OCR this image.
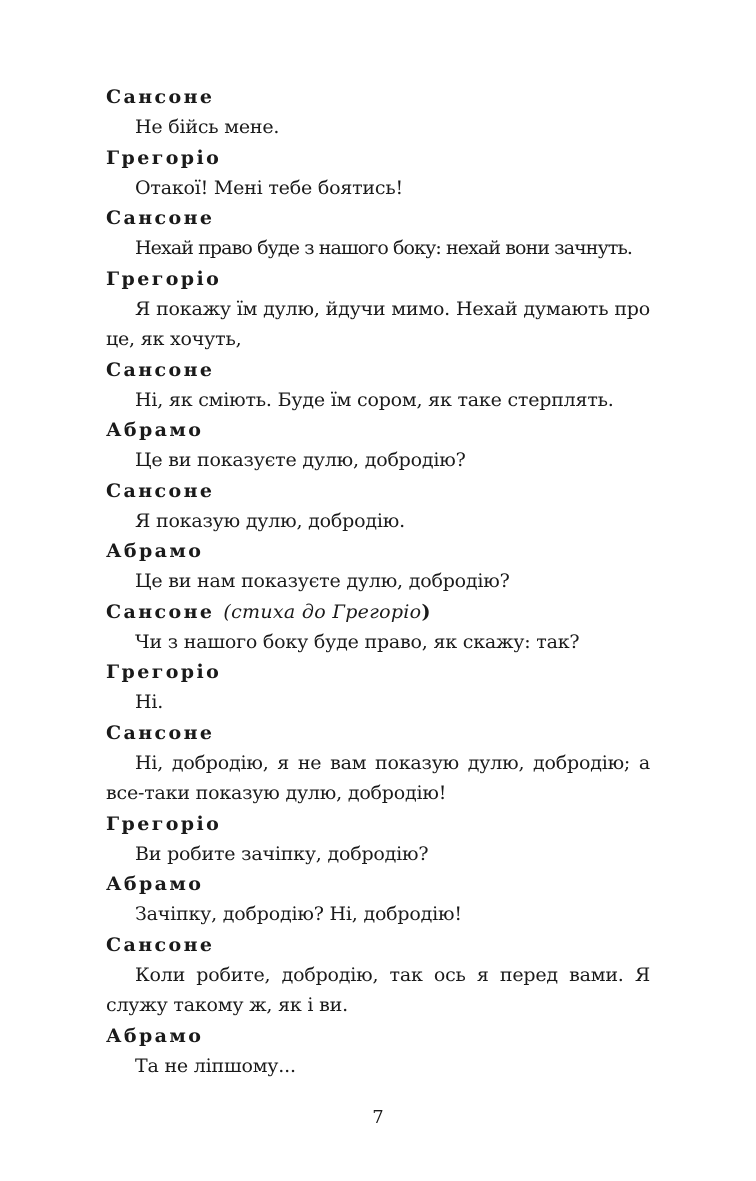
Сансоне
Не бійсь мене.
Грегоріо
Отакої! Мені тебе боятись!
Сансоне
Нехай право буде з нашого боку: нехай вони зачнуть.
Грегоріо
Я покажу їм дулю, йдучи мимо. Нехай думають про це, як хочуть,
Сансоне
Ні, як сміють. Буде їм сором, як таке стерплять.
Абрамо
Це ви показуєте дулю, добродію?
Сансоне
Я показую дулю, добродію.
Абрамо
Це ви нам показуєте дулю, добродію?
Сансоне (стиха до Грегоріо)
Чи з нашого боку буде право, як скажу: так?
Грегоріо
Ні.
Сансоне
Ні, добродію, я не вам показую дулю, добродію; а все-таки показую дулю, добродію!
Грегоріо
Ви робите зачіпку, добродію?
Абрамо
Зачіпку, добродію? Ні, добродію!
Сансоне
Коли робите, добродію, так ось я перед вами. Я служу такому ж, як і ви.
Абрамо
Та не ліпшому...
7
